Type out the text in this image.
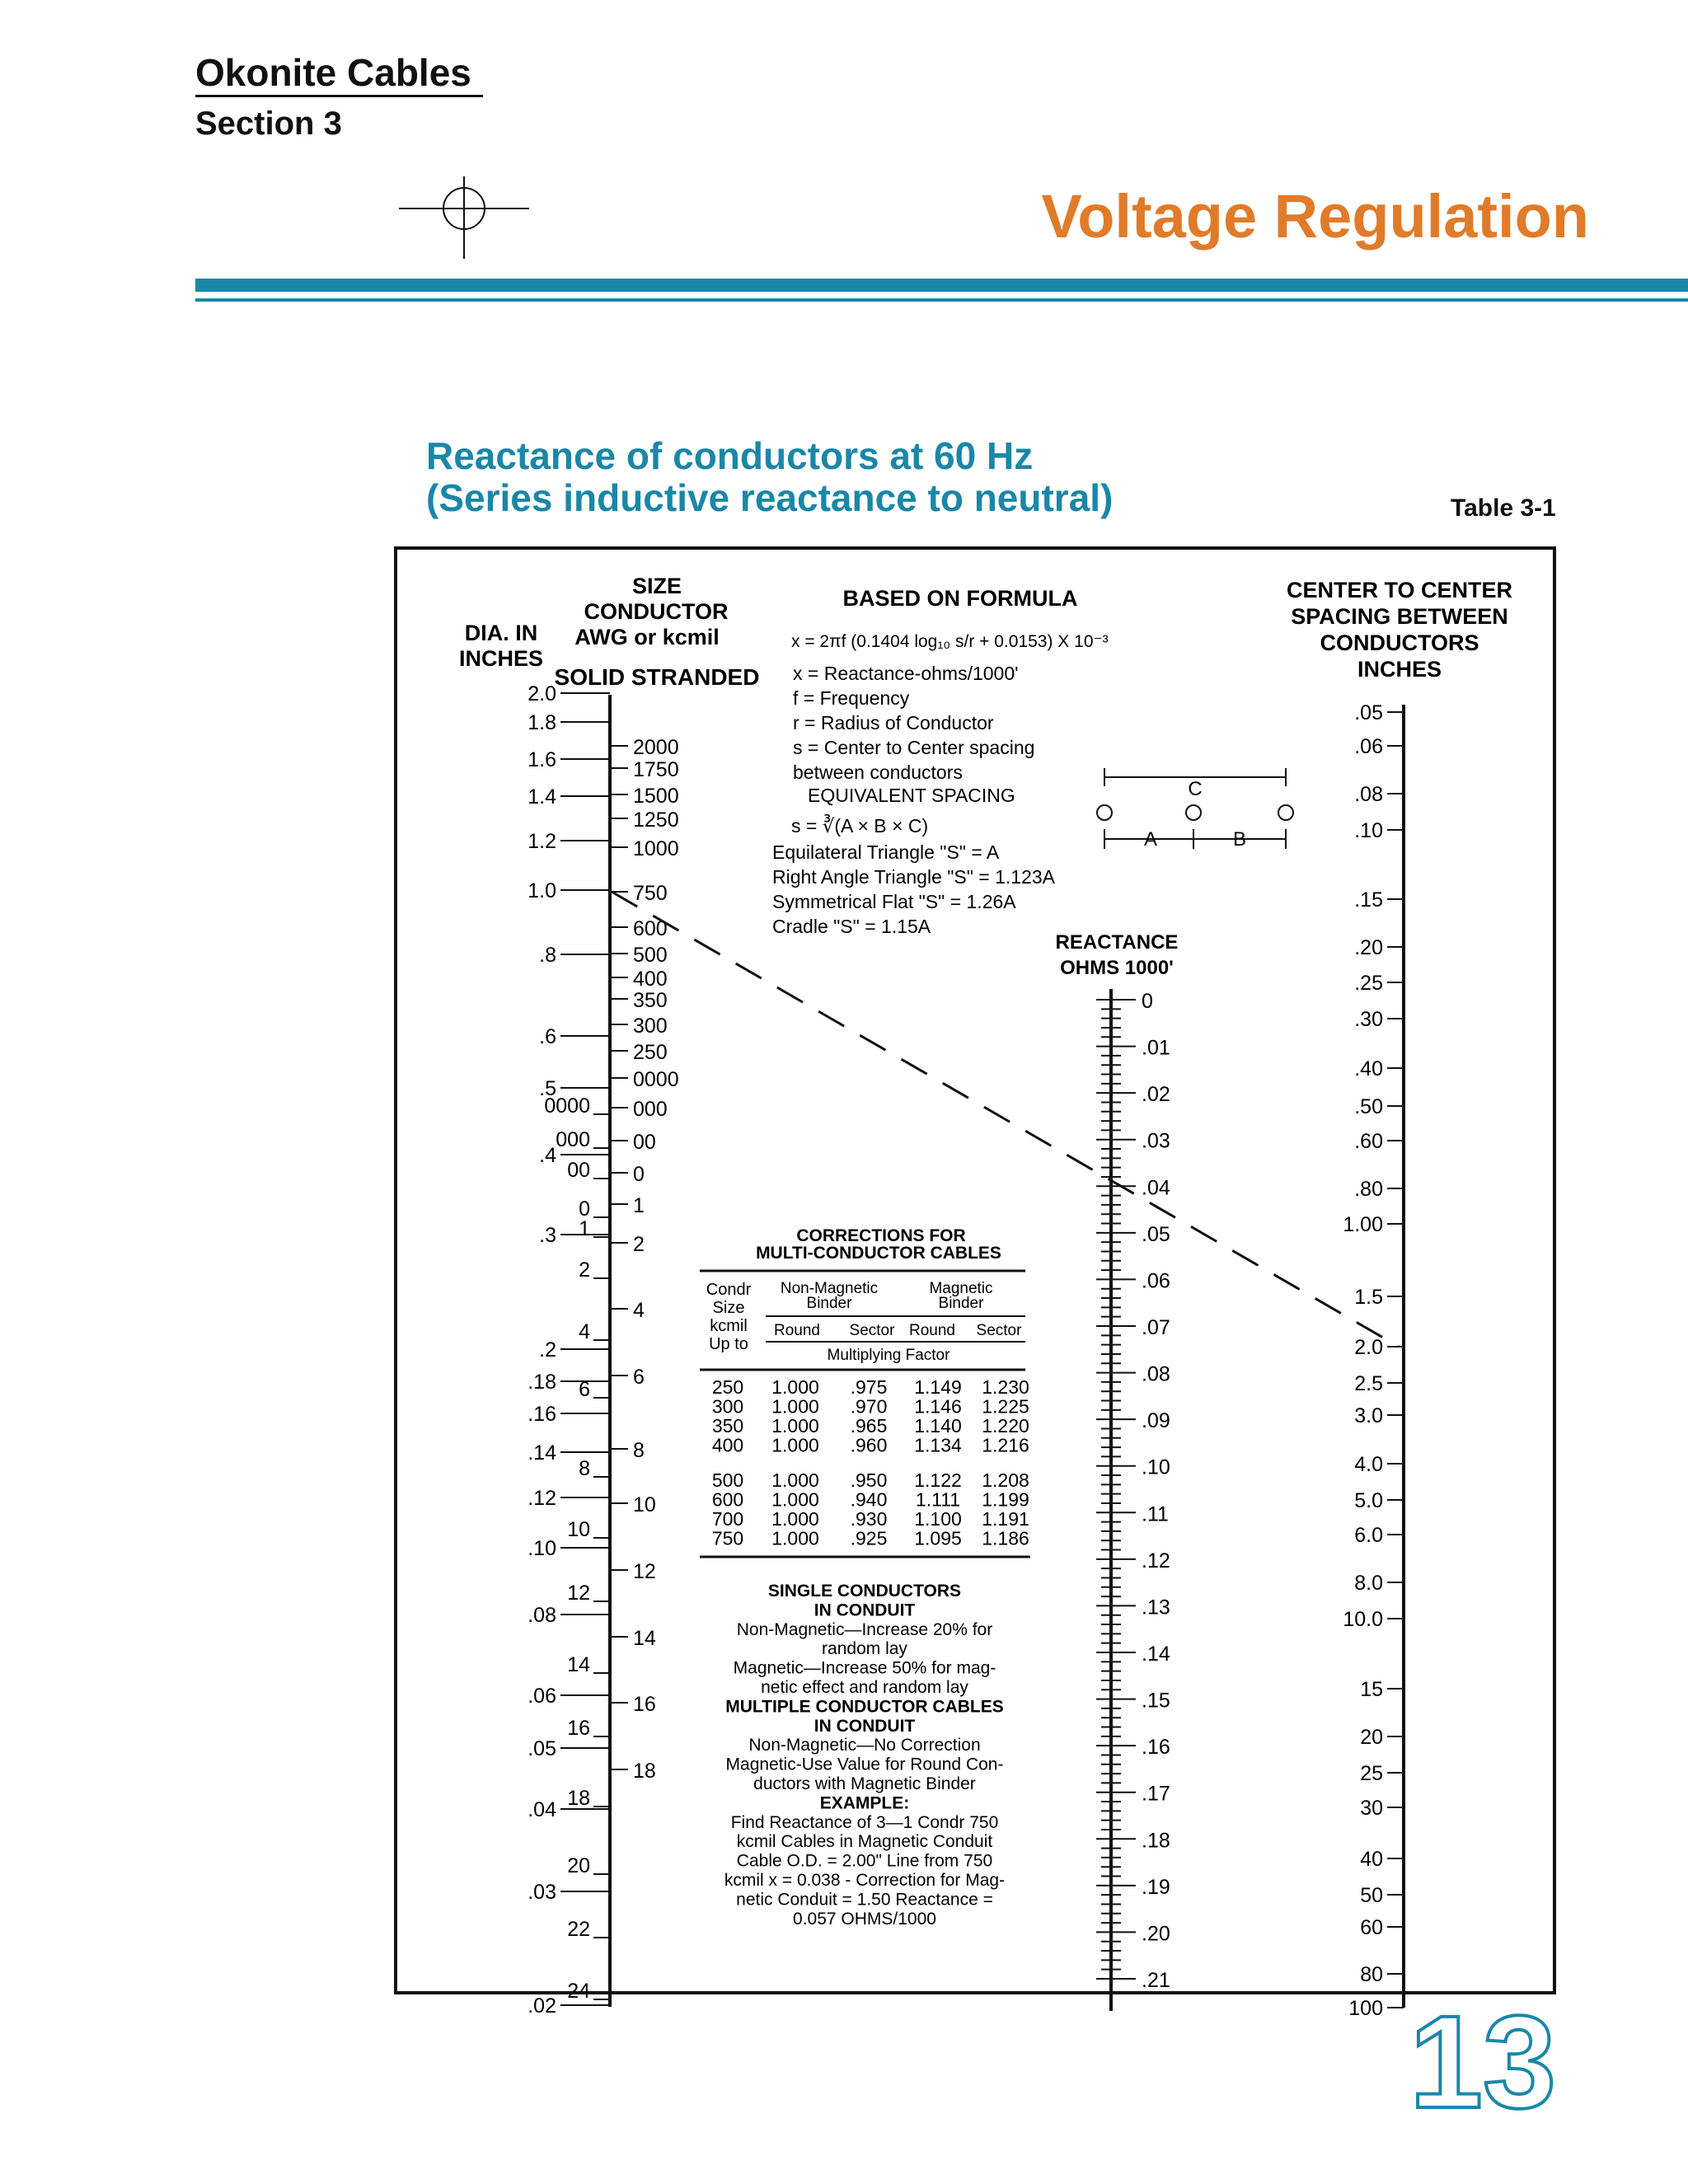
Okonite Cables
Section 3
Voltage Regulation
Reactance of conductors at 60 Hz
(Series inductive reactance to neutral)	Table 3-1
DIA. IN
INCHES
SIZE
CONDUCTOR
AWG or kcmil
SOLID STRANDED
CENTER TO CENTER
SPACING BETWEEN
CONDUCTORS
INCHES
REACTANCE
OHMS 1000'
BASED ON FORMULA
x = 2πf (0.1404 log₁₀ s/r + 0.0153) X 10⁻³
x = Reactance-ohms/1000'
f = Frequency
r = Radius of Conductor
s = Center to Center spacing
between conductors
EQUIVALENT SPACING
s = ∛(A × B × C)
Equilateral Triangle "S" = A
Right Angle Triangle "S" = 1.123A
Symmetrical Flat "S" = 1.26A
Cradle "S" = 1.15A
C
A	B
2.0
1.8
1.6
1.4
1.2
1.0
.8
.6
.5
.4
.3
.2
.18
.16
.14
.12
.10
.08
.06
.05
.04
.03
.02
0000
000
00
0
1
2
4
6
8
10
12
14
16
18
20
22
24
2000
1750
1500
1250
1000
750
600
500
400
350
300
250
0000
000
00
0
1
2
4
6
8
10
12
14
16
18
0
.01
.02
.03
.04
.05
.06
.07
.08
.09
.10
.11
.12
.13
.14
.15
.16
.17
.18
.19
.20
.21
.05
.06
.08
.10
.15
.20
.25
.30
.40
.50
.60
.80
1.00
1.5
2.0
2.5
3.0
4.0
5.0
6.0
8.0
10.0
15
20
25
30
40
50
60
80
100
CORRECTIONS FOR
MULTI-CONDUCTOR CABLES
Condr
Size
kcmil
Up to
Non-Magnetic
Binder
Magnetic
Binder
Round Sector Round Sector
Multiplying Factor
250 1.000 .975 1.149 1.230
300 1.000 .970 1.146 1.225
350 1.000 .965 1.140 1.220
400 1.000 .960 1.134 1.216
500 1.000 .950 1.122 1.208
600 1.000 .940 1.111 1.199
700 1.000 .930 1.100 1.191
750 1.000 .925 1.095 1.186
SINGLE CONDUCTORS
IN CONDUIT
Non-Magnetic—Increase 20% for
random lay
Magnetic—Increase 50% for mag-
netic effect and random lay
MULTIPLE CONDUCTOR CABLES
IN CONDUIT
Non-Magnetic—No Correction
Magnetic-Use Value for Round Con-
ductors with Magnetic Binder
EXAMPLE:
Find Reactance of 3—1 Condr 750
kcmil Cables in Magnetic Conduit
Cable O.D. = 2.00" Line from 750
kcmil x = 0.038 - Correction for Mag-
netic Conduit = 1.50 Reactance =
0.057 OHMS/1000
13
